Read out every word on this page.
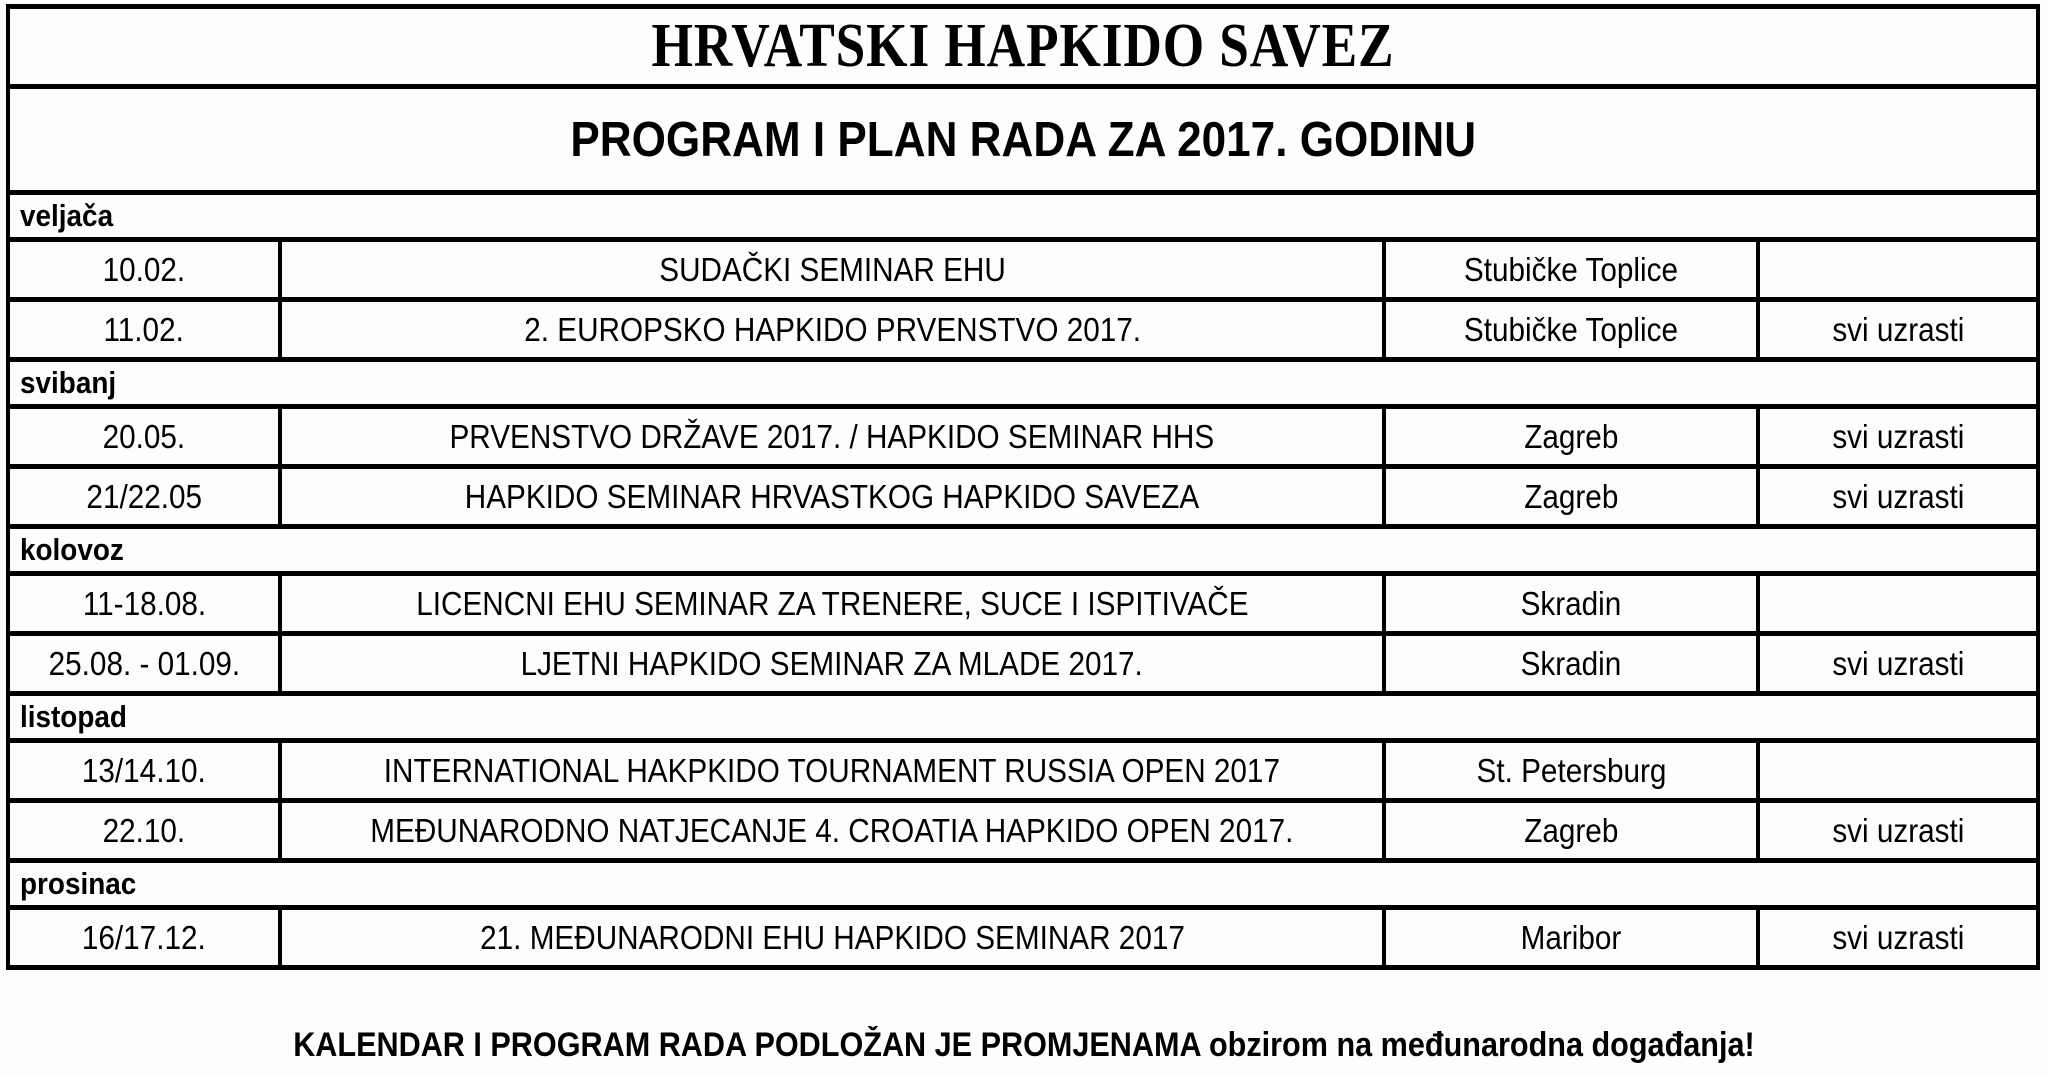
HRVATSKI HAPKIDO SAVEZ			
PROGRAM I PLAN RADA ZA 2017. GODINU			
veljača			
10.02.	SUDAČKI SEMINAR EHU	Stubičke Toplice	
11.02.	2. EUROPSKO HAPKIDO PRVENSTVO 2017.	Stubičke Toplice	svi uzrasti
svibanj			
20.05.	PRVENSTVO DRŽAVE 2017. / HAPKIDO SEMINAR HHS	Zagreb	svi uzrasti
21/22.05	HAPKIDO SEMINAR HRVASTKOG HAPKIDO SAVEZA	Zagreb	svi uzrasti
kolovoz			
11-18.08.	LICENCNI EHU SEMINAR ZA TRENERE, SUCE I ISPITIVAČE	Skradin	
25.08. - 01.09.	LJETNI HAPKIDO SEMINAR ZA MLADE 2017.	Skradin	svi uzrasti
listopad			
13/14.10.	INTERNATIONAL HAKPKIDO TOURNAMENT RUSSIA OPEN 2017	St. Petersburg	
22.10.	MEĐUNARODNO NATJECANJE 4. CROATIA HAPKIDO OPEN 2017.	Zagreb	svi uzrasti
prosinac			
16/17.12.	21. MEĐUNARODNI EHU HAPKIDO SEMINAR 2017	Maribor	svi uzrasti
KALENDAR I PROGRAM RADA PODLOŽAN JE PROMJENAMA obzirom na međunarodna događanja!
